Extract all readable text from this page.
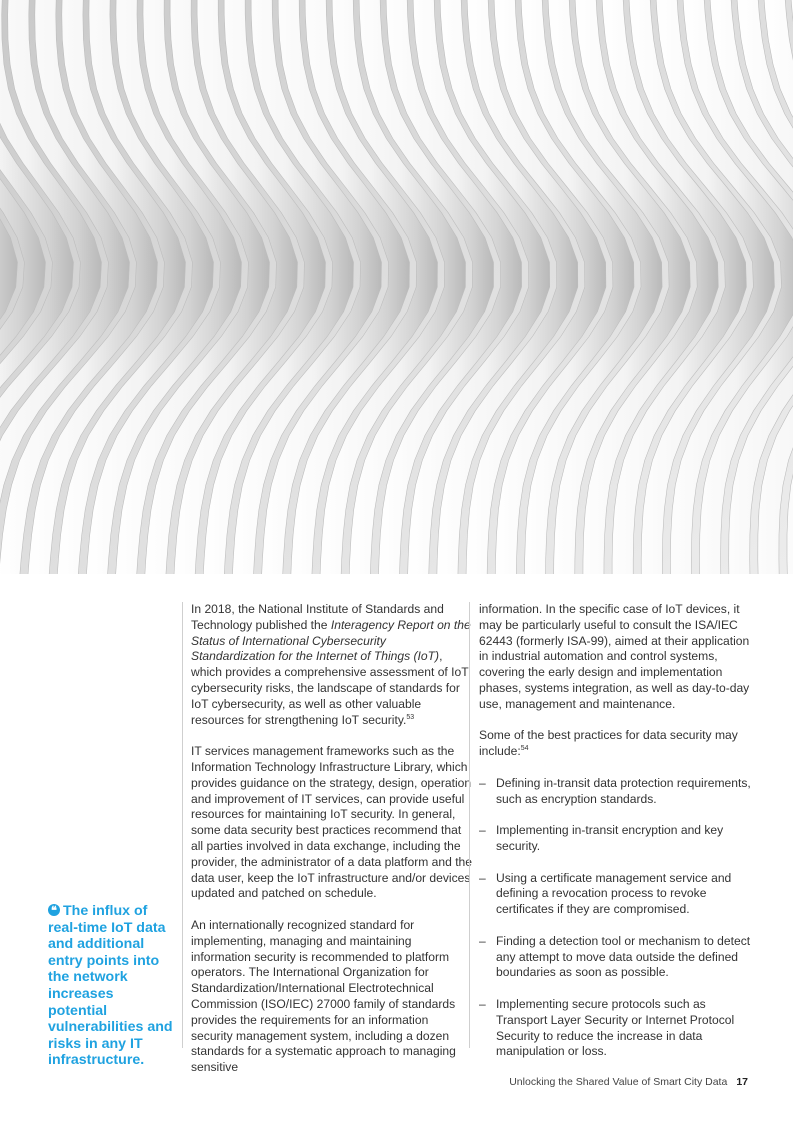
❝ The influx of real-time IoT data and additional entry points into the network increases potential vulnerabilities and risks in any IT infrastructure.

In 2018, the National Institute of Standards and Technology published the Interagency Report on the Status of International Cybersecurity Standardization for the Internet of Things (IoT), which provides a comprehensive assessment of IoT cybersecurity risks, the landscape of standards for IoT cybersecurity, as well as other valuable resources for strengthening IoT security.$^{53}$

IT services management frameworks such as the Information Technology Infrastructure Library, which provides guidance on the strategy, design, operation and improvement of IT services, can provide useful resources for maintaining IoT security. In general, some data security best practices recommend that all parties involved in data exchange, including the provider, the administrator of a data platform and the data user, keep the IoT infrastructure and/or devices updated and patched on schedule.

An internationally recognized standard for implementing, managing and maintaining information security is recommended to platform operators. The International Organization for Standardization/International Electrotechnical Commission (ISO/IEC) 27000 family of standards provides the requirements for an information security management system, including a dozen standards for a systematic approach to managing sensitive

information. In the specific case of IoT devices, it may be particularly useful to consult the ISA/IEC 62443 (formerly ISA-99), aimed at their application in industrial automation and control systems, covering the early design and implementation phases, systems integration, as well as day-to-day use, management and maintenance.

Some of the best practices for data security may include:$^{54}$

– Defining in-transit data protection requirements, such as encryption standards.
– Implementing in-transit encryption and key security.
– Using a certificate management service and defining a revocation process to revoke certificates if they are compromised.
– Finding a detection tool or mechanism to detect any attempt to move data outside the defined boundaries as soon as possible.
– Implementing secure protocols such as Transport Layer Security or Internet Protocol Security to reduce the increase in data manipulation or loss.
Unlocking the Shared Value of Smart City Data 17
